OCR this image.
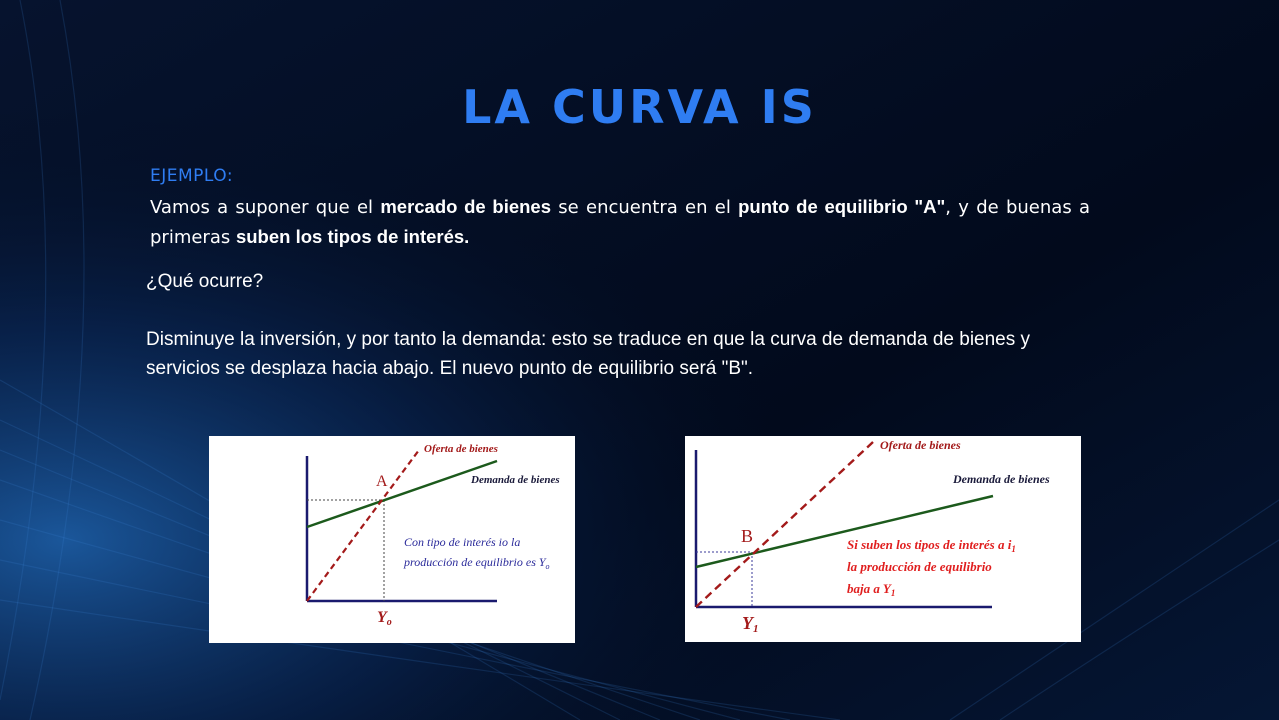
LA CURVA IS
EJEMPLO:

Vamos a suponer que el mercado de bienes se encuentra en el punto de equilibrio "A", y de buenas a primeras suben los tipos de interés.

¿Qué ocurre?

Disminuye la inversión, y por tanto la demanda: esto se traduce en que la curva de demanda de bienes y servicios se desplaza hacia abajo. El nuevo punto de equilibrio será "B".

Oferta de bienes
Demanda de bienes
A
Con tipo de interés io la
producción de equilibrio es $Y_o$
Yo
Oferta de bienes
Demanda de bienes
B	Si suben los tipos de interés a $i_1$
la producción de equilibrio
baja a $Y_1$
Y1
